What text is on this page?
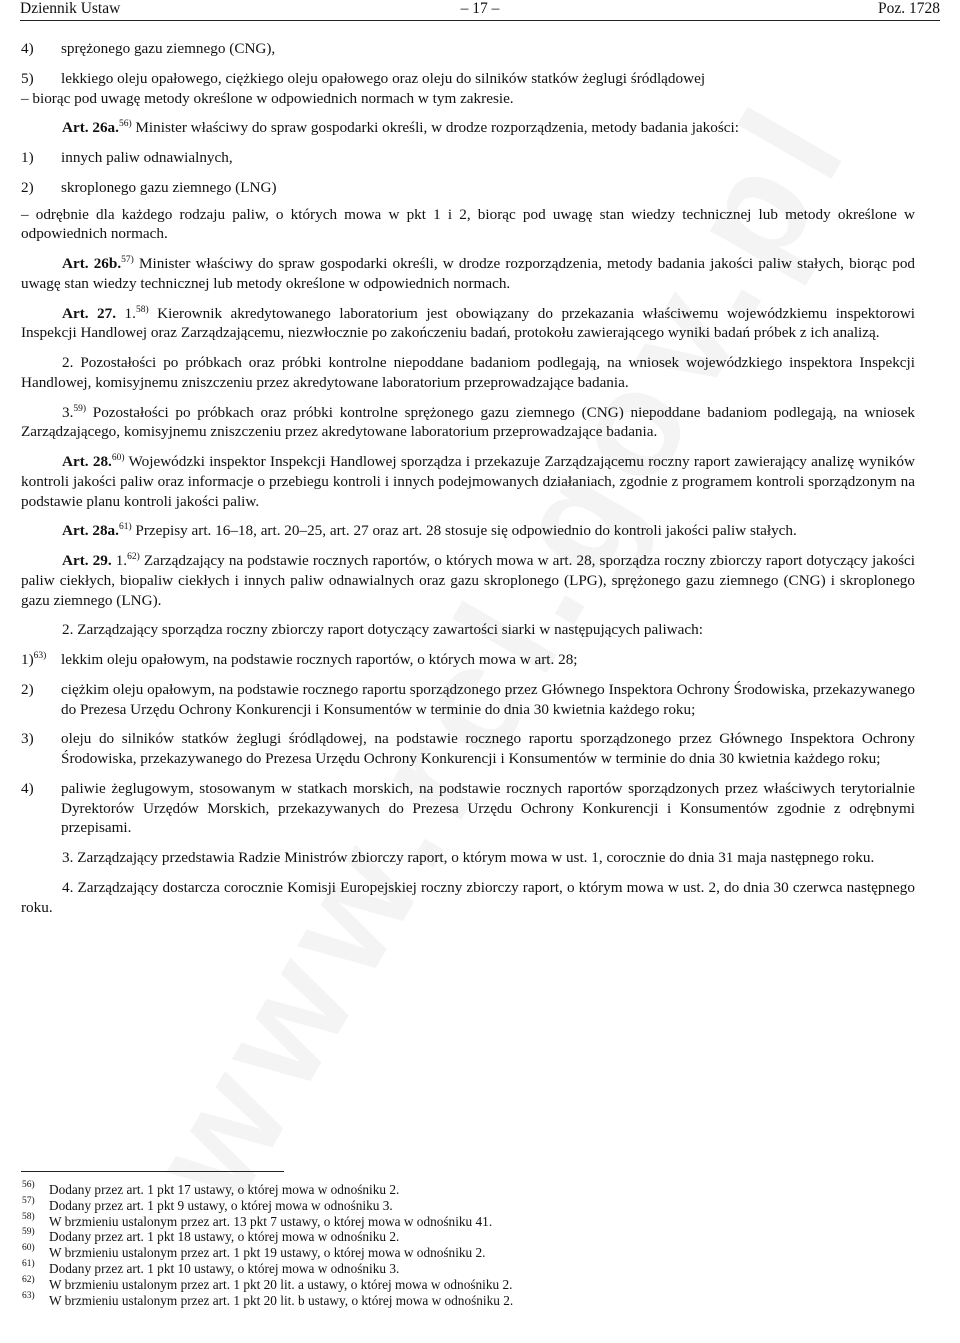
Dziennik Ustaw	– 17 –	Poz. 1728
4)	sprężonego gazu ziemnego (CNG),
5)	lekkiego oleju opałowego, ciężkiego oleju opałowego oraz oleju do silników statków żeglugi śródlądowej

– biorąc pod uwagę metody określone w odpowiednich normach w tym zakresie.

Art. 26a.$^{56)}$ Minister właściwy do spraw gospodarki określi, w drodze rozporządzenia, metody badania jakości:

1)	innych paliw odnawialnych,
2)	skroplonego gazu ziemnego (LNG)

– odrębnie dla każdego rodzaju paliw, o których mowa w pkt 1 i 2, biorąc pod uwagę stan wiedzy technicznej lub metody określone w odpowiednich normach.

Art. 26b.$^{57)}$ Minister właściwy do spraw gospodarki określi, w drodze rozporządzenia, metody badania jakości paliw stałych, biorąc pod uwagę stan wiedzy technicznej lub metody określone w odpowiednich normach.

Art. 27. 1.$^{58)}$ Kierownik akredytowanego laboratorium jest obowiązany do przekazania właściwemu wojewódzkiemu inspektorowi Inspekcji Handlowej oraz Zarządzającemu, niezwłocznie po zakończeniu badań, protokołu zawierającego wyniki badań próbek z ich analizą.

2. Pozostałości po próbkach oraz próbki kontrolne niepoddane badaniom podlegają, na wniosek wojewódzkiego inspektora Inspekcji Handlowej, komisyjnemu zniszczeniu przez akredytowane laboratorium przeprowadzające badania.

3.$^{59)}$ Pozostałości po próbkach oraz próbki kontrolne sprężonego gazu ziemnego (CNG) niepoddane badaniom podlegają, na wniosek Zarządzającego, komisyjnemu zniszczeniu przez akredytowane laboratorium przeprowadzające badania.

Art. 28.$^{60)}$ Wojewódzki inspektor Inspekcji Handlowej sporządza i przekazuje Zarządzającemu roczny raport zawierający analizę wyników kontroli jakości paliw oraz informacje o przebiegu kontroli i innych podejmowanych działaniach, zgodnie z programem kontroli sporządzonym na podstawie planu kontroli jakości paliw.

Art. 28a.$^{61)}$ Przepisy art. 16–18, art. 20–25, art. 27 oraz art. 28 stosuje się odpowiednio do kontroli jakości paliw stałych.

Art. 29. 1.$^{62)}$ Zarządzający na podstawie rocznych raportów, o których mowa w art. 28, sporządza roczny zbiorczy raport dotyczący jakości paliw ciekłych, biopaliw ciekłych i innych paliw odnawialnych oraz gazu skroplonego (LPG), sprężonego gazu ziemnego (CNG) i skroplonego gazu ziemnego (LNG).

2. Zarządzający sporządza roczny zbiorczy raport dotyczący zawartości siarki w następujących paliwach:

1)$^{63)}$ lekkim oleju opałowym, na podstawie rocznych raportów, o których mowa w art. 28;
2)	ciężkim oleju opałowym, na podstawie rocznego raportu sporządzonego przez Głównego Inspektora Ochrony Środowiska, przekazywanego do Prezesa Urzędu Ochrony Konkurencji i Konsumentów w terminie do dnia 30 kwietnia każdego roku;
3)	oleju do silników statków żeglugi śródlądowej, na podstawie rocznego raportu sporządzonego przez Głównego Inspektora Ochrony Środowiska, przekazywanego do Prezesa Urzędu Ochrony Konkurencji i Konsumentów w terminie do dnia 30 kwietnia każdego roku;
4)	paliwie żeglugowym, stosowanym w statkach morskich, na podstawie rocznych raportów sporządzonych przez właściwych terytorialnie Dyrektorów Urzędów Morskich, przekazywanych do Prezesa Urzędu Ochrony Konkurencji i Konsumentów zgodnie z odrębnymi przepisami.

3. Zarządzający przedstawia Radzie Ministrów zbiorczy raport, o którym mowa w ust. 1, corocznie do dnia 31 maja następnego roku.

4. Zarządzający dostarcza corocznie Komisji Europejskiej roczny zbiorczy raport, o którym mowa w ust. 2, do dnia 30 czerwca następnego roku.

56)	Dodany przez art. 1 pkt 17 ustawy, o której mowa w odnośniku 2.
57)	Dodany przez art. 1 pkt 9 ustawy, o której mowa w odnośniku 3.
58)	W brzmieniu ustalonym przez art. 13 pkt 7 ustawy, o której mowa w odnośniku 41.
59)	Dodany przez art. 1 pkt 18 ustawy, o której mowa w odnośniku 2.
60)	W brzmieniu ustalonym przez art. 1 pkt 19 ustawy, o której mowa w odnośniku 2.
61)	Dodany przez art. 1 pkt 10 ustawy, o której mowa w odnośniku 3.
62)	W brzmieniu ustalonym przez art. 1 pkt 20 lit. a ustawy, o której mowa w odnośniku 2.
63)	W brzmieniu ustalonym przez art. 1 pkt 20 lit. b ustawy, o której mowa w odnośniku 2.
